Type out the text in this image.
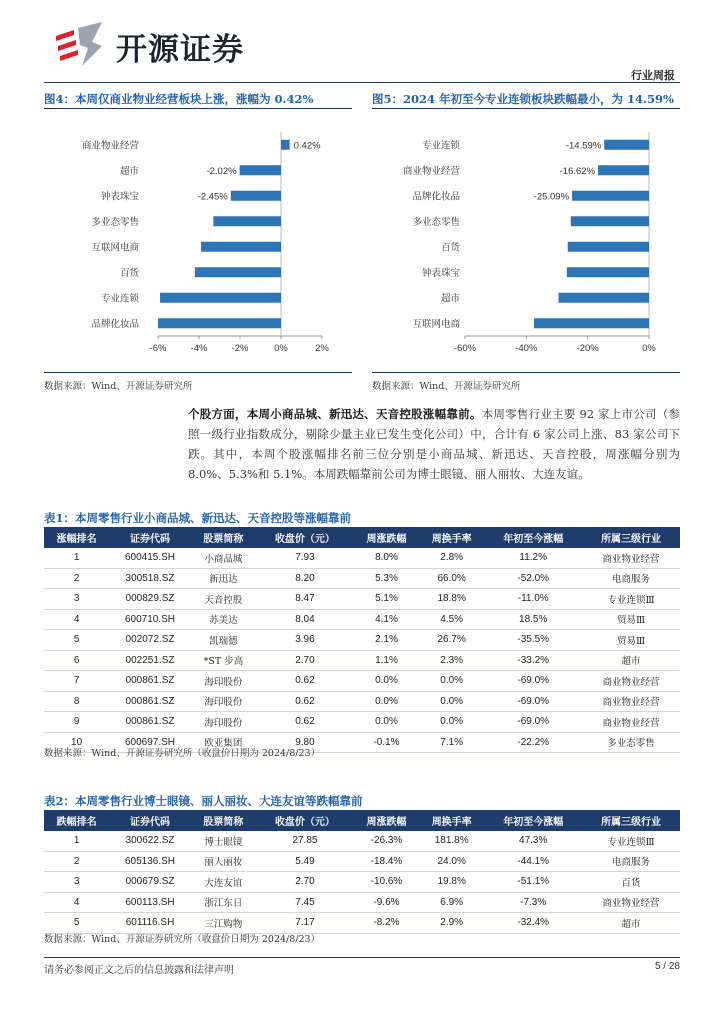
开源证券
行业周报
图4：本周仅商业物业经营板块上涨，涨幅为 0.42%
商业物业经营	0.42%
超市	-2.02%
钟表珠宝	-2.45%
多业态零售
互联网电商
百货
专业连锁
品牌化妆品
-6%	-4%	-2%	0%	2%
数据来源：Wind、开源证券研究所
图5：2024 年初至今专业连锁板块跌幅最小，为 14.59%
专业连锁	-14.59%
商业物业经营	-16.62%
品牌化妆品	-25.09%
多业态零售
百货
钟表珠宝
超市
互联网电商
-60%	-40%	-20%	0%
数据来源：Wind、开源证券研究所
个股方面，本周小商品城、新迅达、天音控股涨幅靠前。本周零售行业主要 92 家上市公司（参照一级行业指数成分，剔除少量主业已发生变化公司）中，合计有 6 家公司上涨、83 家公司下跌。其中，本周个股涨幅排名前三位分别是小商品城、新迅达、天音控股，周涨幅分别为 8.0%、5.3%和 5.1%。本周跌幅靠前公司为博士眼镜、丽人丽妆、大连友谊。
表1：本周零售行业小商品城、新迅达、天音控股等涨幅靠前
涨幅排名	证券代码	股票简称	收盘价（元）	周涨跌幅	周换手率	年初至今涨幅	所属三级行业
1	600415.SH	小商品城	7.93	8.0%	2.8%	11.2%	商业物业经营
2	300518.SZ	新迅达	8.20	5.3%	66.0%	-52.0%	电商服务
3	000829.SZ	天音控股	8.47	5.1%	18.8%	-11.0%	专业连锁Ⅲ
4	600710.SH	苏美达	8.04	4.1%	4.5%	18.5%	贸易Ⅲ
5	002072.SZ	凯瑞德	3.96	2.1%	26.7%	-35.5%	贸易Ⅲ
6	002251.SZ	*ST 步高	2.70	1.1%	2.3%	-33.2%	超市
7	000861.SZ	海印股份	0.62	0.0%	0.0%	-69.0%	商业物业经营
8	000861.SZ	海印股份	0.62	0.0%	0.0%	-69.0%	商业物业经营
9	000861.SZ	海印股份	0.62	0.0%	0.0%	-69.0%	商业物业经营
10	600697.SH	欧亚集团	9.80	-0.1%	7.1%	-22.2%	多业态零售
数据来源：Wind、开源证券研究所（收盘价日期为 2024/8/23）
表2：本周零售行业博士眼镜、丽人丽妆、大连友谊等跌幅靠前
跌幅排名	证券代码	股票简称	收盘价（元）	周涨跌幅	周换手率	年初至今涨幅	所属三级行业
1	300622.SZ	博士眼镜	27.85	-26.3%	181.8%	47.3%	专业连锁Ⅲ
2	605136.SH	丽人丽妆	5.49	-18.4%	24.0%	-44.1%	电商服务
3	000679.SZ	大连友谊	2.70	-10.6%	19.8%	-51.1%	百货
4	600113.SH	浙江东日	7.45	-9.6%	6.9%	-7.3%	商业物业经营
5	601116.SH	三江购物	7.17	-8.2%	2.9%	-32.4%	超市
数据来源：Wind、开源证券研究所（收盘价日期为 2024/8/23）
请务必参阅正文之后的信息披露和法律声明	5 / 28
